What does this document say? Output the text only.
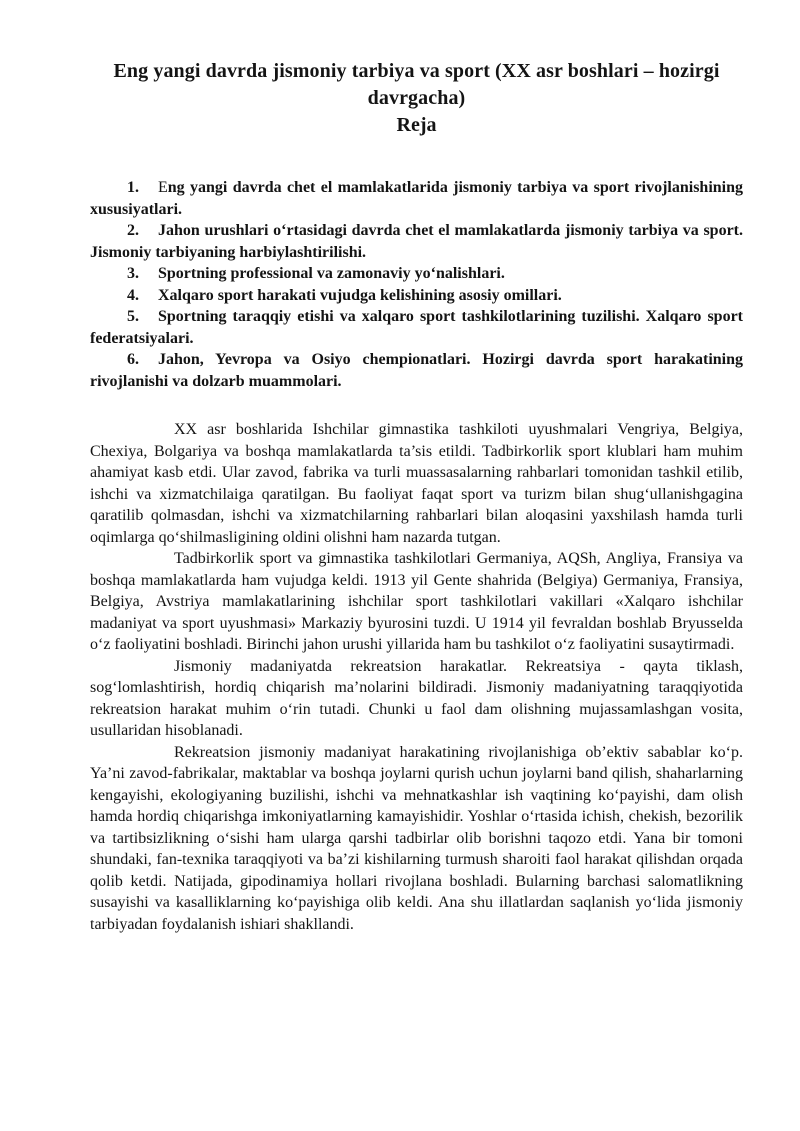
Eng yangi davrda jismoniy tarbiya va sport (XX asr boshlari – hozirgi davrgacha)
Reja

1. Eng yangi davrda chet el mamlakatlarida jismoniy tarbiya va sport rivojlanishining xususiyatlari.

2. Jahon urushlari o‘rtasidagi davrda chet el mamlakatlarda jismoniy tarbiya va sport. Jismoniy tarbiyaning harbiylashtirilishi.

3. Sportning professional va zamonaviy yo‘nalishlari.

4. Xalqaro sport harakati vujudga kelishining asosiy omillari.

5. Sportning taraqqiy etishi va xalqaro sport tashkilotlarining tuzilishi. Xalqaro sport federatsiyalari.

6. Jahon, Yevropa va Osiyo chempionatlari. Hozirgi davrda sport harakatining rivojlanishi va dolzarb muammolari.

XX asr boshlarida Ishchilar gimnastika tashkiloti uyushmalari Vengriya, Belgiya, Chexiya, Bolgariya va boshqa mamlakatlarda ta’sis etildi. Tadbirkorlik sport klublari ham muhim ahamiyat kasb etdi. Ular zavod, fabrika va turli muassasalarning rahbarlari tomonidan tashkil etilib, ishchi va xizmatchilaiga qaratilgan. Bu faoliyat faqat sport va turizm bilan shug‘ullanishgagina qaratilib qolmasdan, ishchi va xizmatchilarning rahbarlari bilan aloqasini yaxshilash hamda turli oqimlarga qo‘shilmasligining oldini olishni ham nazarda tutgan.

Tadbirkorlik sport va gimnastika tashkilotlari Germaniya, AQSh, Angliya, Fransiya va boshqa mamlakatlarda ham vujudga keldi. 1913 yil Gente shahrida (Belgiya) Germaniya, Fransiya, Belgiya, Avstriya mamlakatlarining ishchilar sport tashkilotlari vakillari «Xalqaro ishchilar madaniyat va sport uyushmasi» Markaziy byurosini tuzdi. U 1914 yil fevraldan boshlab Bryusselda o‘z faoliyatini boshladi. Birinchi jahon urushi yillarida ham bu tashkilot o‘z faoliyatini susaytirmadi.

Jismoniy madaniyatda rekreatsion harakatlar. Rekreatsiya - qayta tiklash, sog‘lomlashtirish, hordiq chiqarish ma’nolarini bildiradi. Jismoniy madaniyatning taraqqiyotida rekreatsion harakat muhim o‘rin tutadi. Chunki u faol dam olishning mujassamlashgan vosita, usullaridan hisoblanadi.

Rekreatsion jismoniy madaniyat harakatining rivojlanishiga ob’ektiv sabablar ko‘p. Ya’ni zavod-fabrikalar, maktablar va boshqa joylarni qurish uchun joylarni band qilish, shaharlarning kengayishi, ekologiyaning buzilishi, ishchi va mehnatkashlar ish vaqtining ko‘payishi, dam olish hamda hordiq chiqarishga imkoniyatlarning kamayishidir. Yoshlar o‘rtasida ichish, chekish, bezorilik va tartibsizlikning o‘sishi ham ularga qarshi tadbirlar olib borishni taqozo etdi. Yana bir tomoni shundaki, fan-texnika taraqqiyoti va ba’zi kishilarning turmush sharoiti faol harakat qilishdan orqada qolib ketdi. Natijada, gipodinamiya hollari rivojlana boshladi. Bularning barchasi salomatlikning susayishi va kasalliklarning ko‘payishiga olib keldi. Ana shu illatlardan saqlanish yo‘lida jismoniy tarbiyadan foydalanish ishiari shakllandi.
